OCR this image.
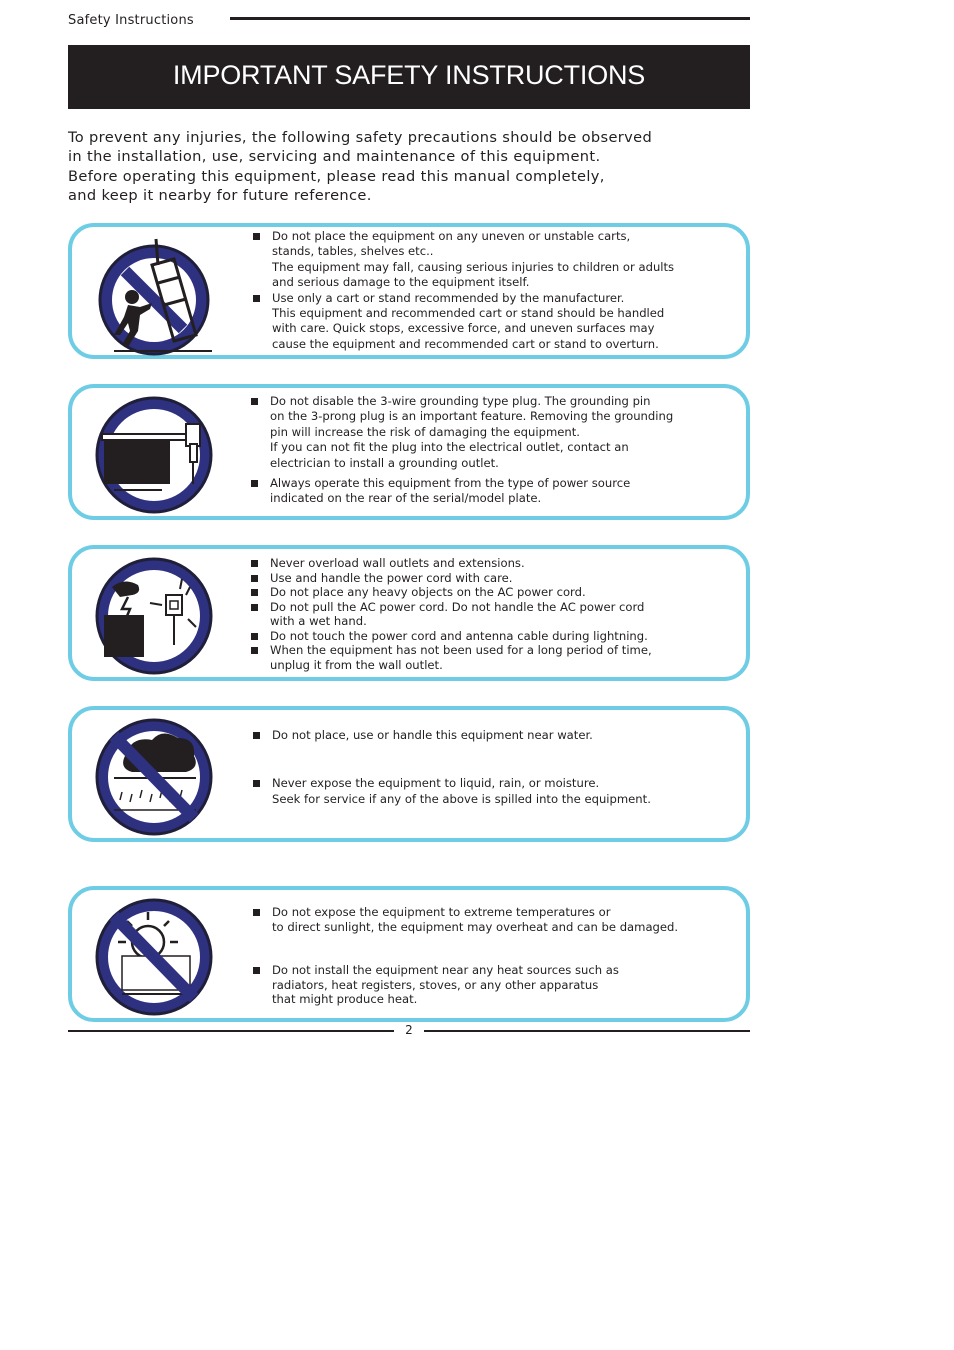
Safety Instructions
IMPORTANT SAFETY INSTRUCTIONS

To prevent any injuries, the following safety precautions should be observed

in the installation, use, servicing and maintenance of this equipment.

Before operating this equipment, please read this manual completely,

and keep it nearby for future reference.

Do not place the equipment on any uneven or unstable carts,
stands, tables, shelves etc..
The equipment may fall, causing serious injuries to children or adults
and serious damage to the equipment itself.
Use only a cart or stand recommended by the manufacturer.
This equipment and recommended cart or stand should be handled
with care. Quick stops, excessive force, and uneven surfaces may
cause the equipment and recommended cart or stand to overturn.
Do not disable the 3-wire grounding type plug. The grounding pin
on the 3-prong plug is an important feature. Removing the grounding
pin will increase the risk of damaging the equipment.
If you can not fit the plug into the electrical outlet, contact an
electrician to install a grounding outlet.
Always operate this equipment from the type of power source
indicated on the rear of the serial/model plate.
Never overload wall outlets and extensions.
Use and handle the power cord with care.
Do not place any heavy objects on the AC power cord.
Do not pull the AC power cord. Do not handle the AC power cord
with a wet hand.
Do not touch the power cord and antenna cable during lightning.
When the equipment has not been used for a long period of time,
unplug it from the wall outlet.
Do not place, use or handle this equipment near water.
Never expose the equipment to liquid, rain, or moisture.
Seek for service if any of the above is spilled into the equipment.
Do not expose the equipment to extreme temperatures or
to direct sunlight, the equipment may overheat and can be damaged.
Do not install the equipment near any heat sources such as
radiators, heat registers, stoves, or any other apparatus
that might produce heat.
2
